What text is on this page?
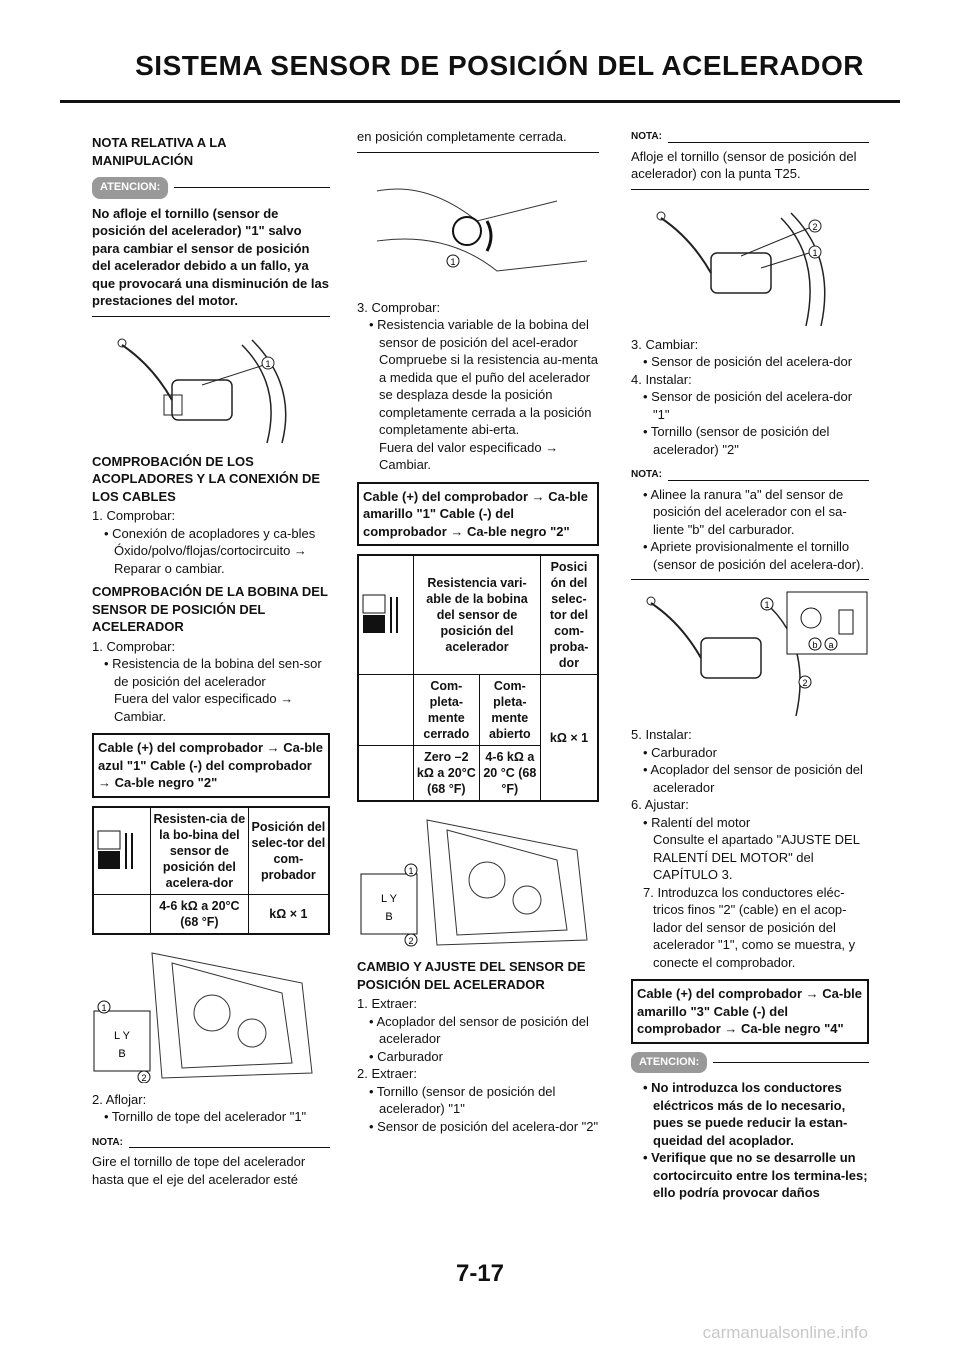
SISTEMA SENSOR DE POSICIÓN DEL ACELERADOR

NOTA RELATIVA A LA MANIPULACIÓN

ATENCION:

No afloje el tornillo (sensor de posición del acelerador) "1" salvo para cambiar el sensor de posición del acelerador debido a un fallo, ya que provocará una disminución de las prestaciones del motor.

1

COMPROBACIÓN DE LOS ACOPLADORES Y LA CONEXIÓN DE LOS CABLES

1. Comprobar:

• Conexión de acopladores y ca-bles

Óxido/polvo/flojas/cortocircuito →

Reparar o cambiar.

COMPROBACIÓN DE LA BOBINA DEL SENSOR DE POSICIÓN DEL ACELERADOR

1. Comprobar:

• Resistencia de la bobina del sen-sor de posición del acelerador

Fuera del valor especificado →

Cambiar.

Cable (+) del comprobador → Ca-ble azul "1" Cable (-) del comprobador → Ca-ble negro "2"
	Resisten-cia de la bo-bina del sensor de posición del acelera-dor	Posición del selec-tor del com-probador
	4-6 kΩ a 20°C (68 °F)	kΩ × 1
L Y
B
1
2

2. Aflojar:

• Tornillo de tope del acelerador "1"

NOTA:

Gire el tornillo de tope del acelerador hasta que el eje del acelerador esté

en posición completamente cerrada.

1

3. Comprobar:

• Resistencia variable de la bobina del sensor de posición del acel-erador

Compruebe si la resistencia au-menta a medida que el puño del acelerador se desplaza desde la posición completamente cerrada a la posición completamente abi-erta.

Fuera del valor especificado →

Cambiar.

Cable (+) del comprobador → Ca-ble amarillo "1" Cable (-) del comprobador → Ca-ble negro "2"
	Resistencia vari-able de la bobina del sensor de posición del acelerador		Posici ón del selec-tor del com-proba-dor
	Com-pleta-mente cerrado	Com-pleta-mente abierto	kΩ × 1
	Zero –2 kΩ a 20°C (68 °F)	4-6 kΩ a 20 °C (68 °F)	
L Y
B
1
2

CAMBIO Y AJUSTE DEL SENSOR DE POSICIÓN DEL ACELERADOR

1. Extraer:

• Acoplador del sensor de posición del acelerador

• Carburador

2. Extraer:

• Tornillo (sensor de posición del acelerador) "1"

• Sensor de posición del acelera-dor "2"

NOTA:

Afloje el tornillo (sensor de posición del acelerador) con la punta T25.

2
1

3. Cambiar:

• Sensor de posición del acelera-dor

4. Instalar:

• Sensor de posición del acelera-dor "1"

• Tornillo (sensor de posición del acelerador) "2"

NOTA:

• Alinee la ranura "a" del sensor de posición del acelerador con el sa-liente "b" del carburador.

• Apriete provisionalmente el tornillo (sensor de posición del acelera-dor).

b a
1
2

5. Instalar:

• Carburador

• Acoplador del sensor de posición del acelerador

6. Ajustar:

• Ralentí del motor

Consulte el apartado "AJUSTE DEL RALENTÍ DEL MOTOR" del CAPÍTULO 3.

7. Introduzca los conductores eléc-tricos finos "2" (cable) en el acop-lador del sensor de posición del acelerador "1", como se muestra, y conecte el comprobador.

Cable (+) del comprobador → Ca-ble amarillo "3" Cable (-) del comprobador → Ca-ble negro "4"
ATENCION:

• No introduzca los conductores eléctricos más de lo necesario, pues se puede reducir la estan-queidad del acoplador.

• Verifique que no se desarrolle un cortocircuito entre los termina-les; ello podría provocar daños

7-17
carmanualsonline.info
